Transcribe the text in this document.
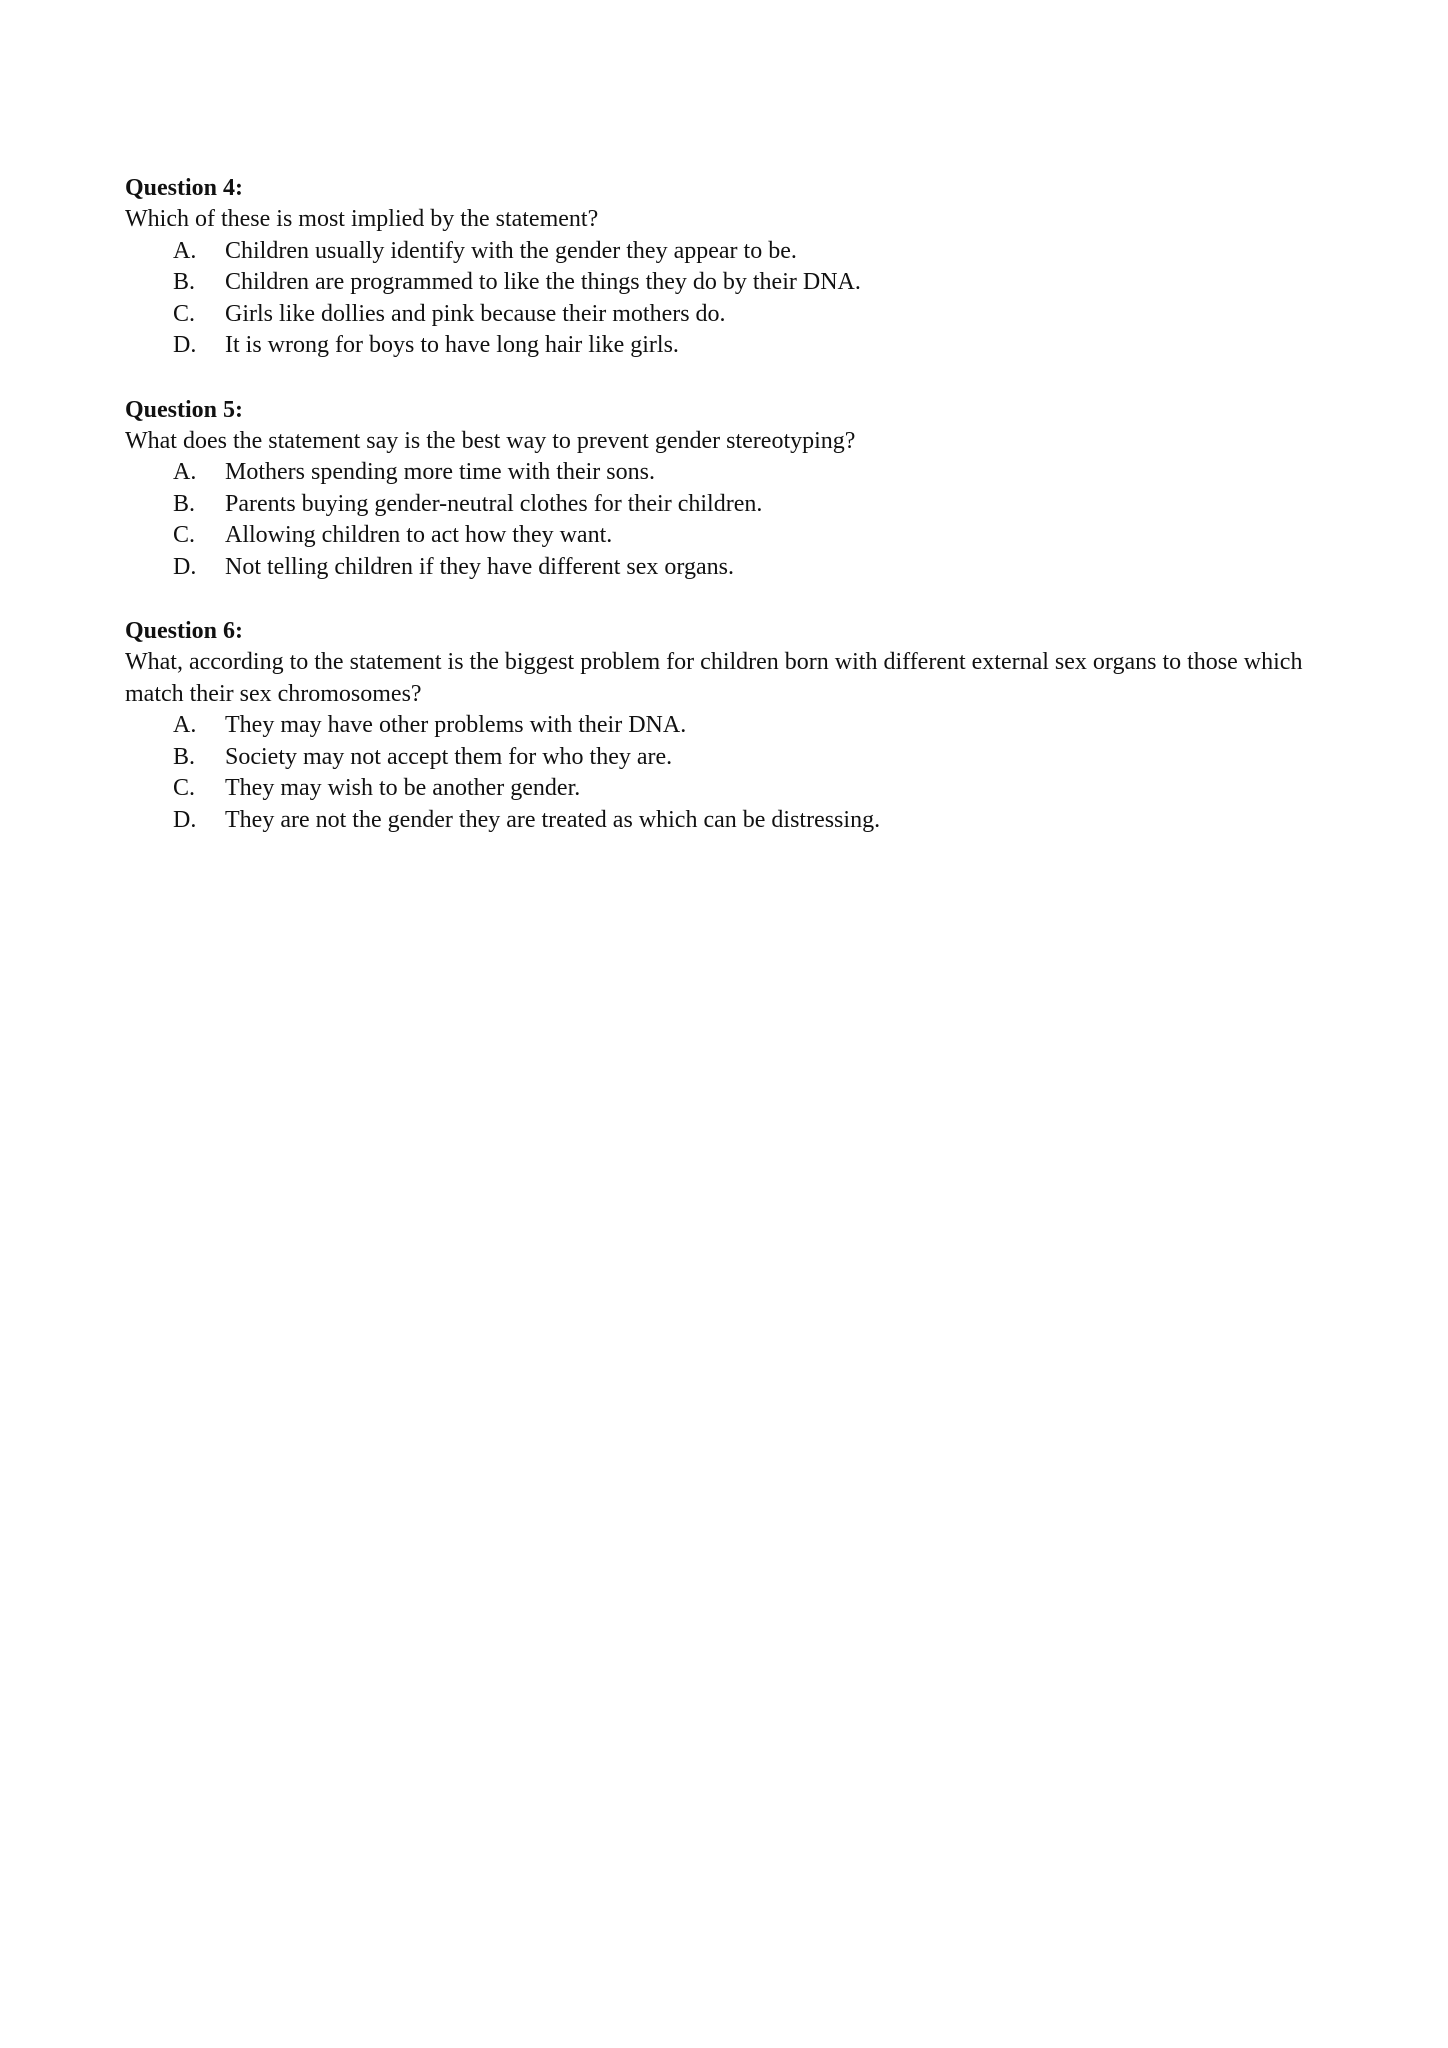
Question 4:
Which of these is most implied by the statement?
A.	Children usually identify with the gender they appear to be.
B.	Children are programmed to like the things they do by their DNA.
C.	Girls like dollies and pink because their mothers do.
D.	It is wrong for boys to have long hair like girls.
Question 5:
What does the statement say is the best way to prevent gender stereotyping?
A.	Mothers spending more time with their sons.
B.	Parents buying gender-neutral clothes for their children.
C.	Allowing children to act how they want.
D.	Not telling children if they have different sex organs.
Question 6:
What, according to the statement is the biggest problem for children born with different external sex organs to those which match their sex chromosomes?
A.	They may have other problems with their DNA.
B.	Society may not accept them for who they are.
C.	They may wish to be another gender.
D.	They are not the gender they are treated as which can be distressing.
